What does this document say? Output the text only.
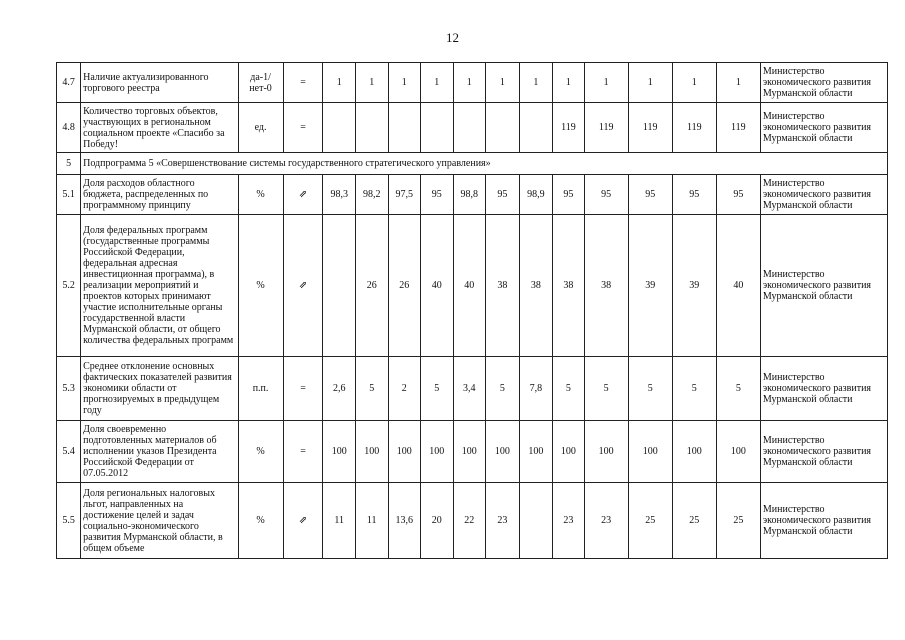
12
4.7	Наличие актуализированного торгового реестра	да-1/ нет-0	=	1	1	1	1	1	1	1	1	1	1	1	1	Министерство экономического развития Мурманской области
4.8	Количество торговых объектов, участвующих в региональном социальном проекте «Спасибо за Победу!	ед.	=								119	119	119	119	119	Министерство экономического развития Мурманской области
5	Подпрограмма 5 «Совершенствование системы государственного стратегического управления»															
5.1	Доля расходов областного бюджета, распределенных по программному принципу	%	⇗	98,3	98,2	97,5	95	98,8	95	98,9	95	95	95	95	95	Министерство экономического развития Мурманской области
5.2	Доля федеральных программ (государственные программы Российской Федерации, федеральная адресная инвестиционная программа), в реализации мероприятий и проектов которых принимают участие исполнительные органы государственной власти Мурманской области, от общего количества федеральных программ	%	⇗		26	26	40	40	38	38	38	38	39	39	40	Министерство экономического развития Мурманской области
5.3	Среднее отклонение основных фактических показателей развития экономики области от прогнозируемых в предыдущем году	п.п.	=	2,6	5	2	5	3,4	5	7,8	5	5	5	5	5	Министерство экономического развития Мурманской области
5.4	Доля своевременно подготовленных материалов об исполнении указов Президента Российской Федерации от 07.05.2012	%	=	100	100	100	100	100	100	100	100	100	100	100	100	Министерство экономического развития Мурманской области
5.5	Доля региональных налоговых льгот, направленных на достижение целей и задач социально-экономического развития Мурманской области, в общем объеме	%	⇗	11	11	13,6	20	22	23		23	23	25	25	25	Министерство экономического развития Мурманской области
